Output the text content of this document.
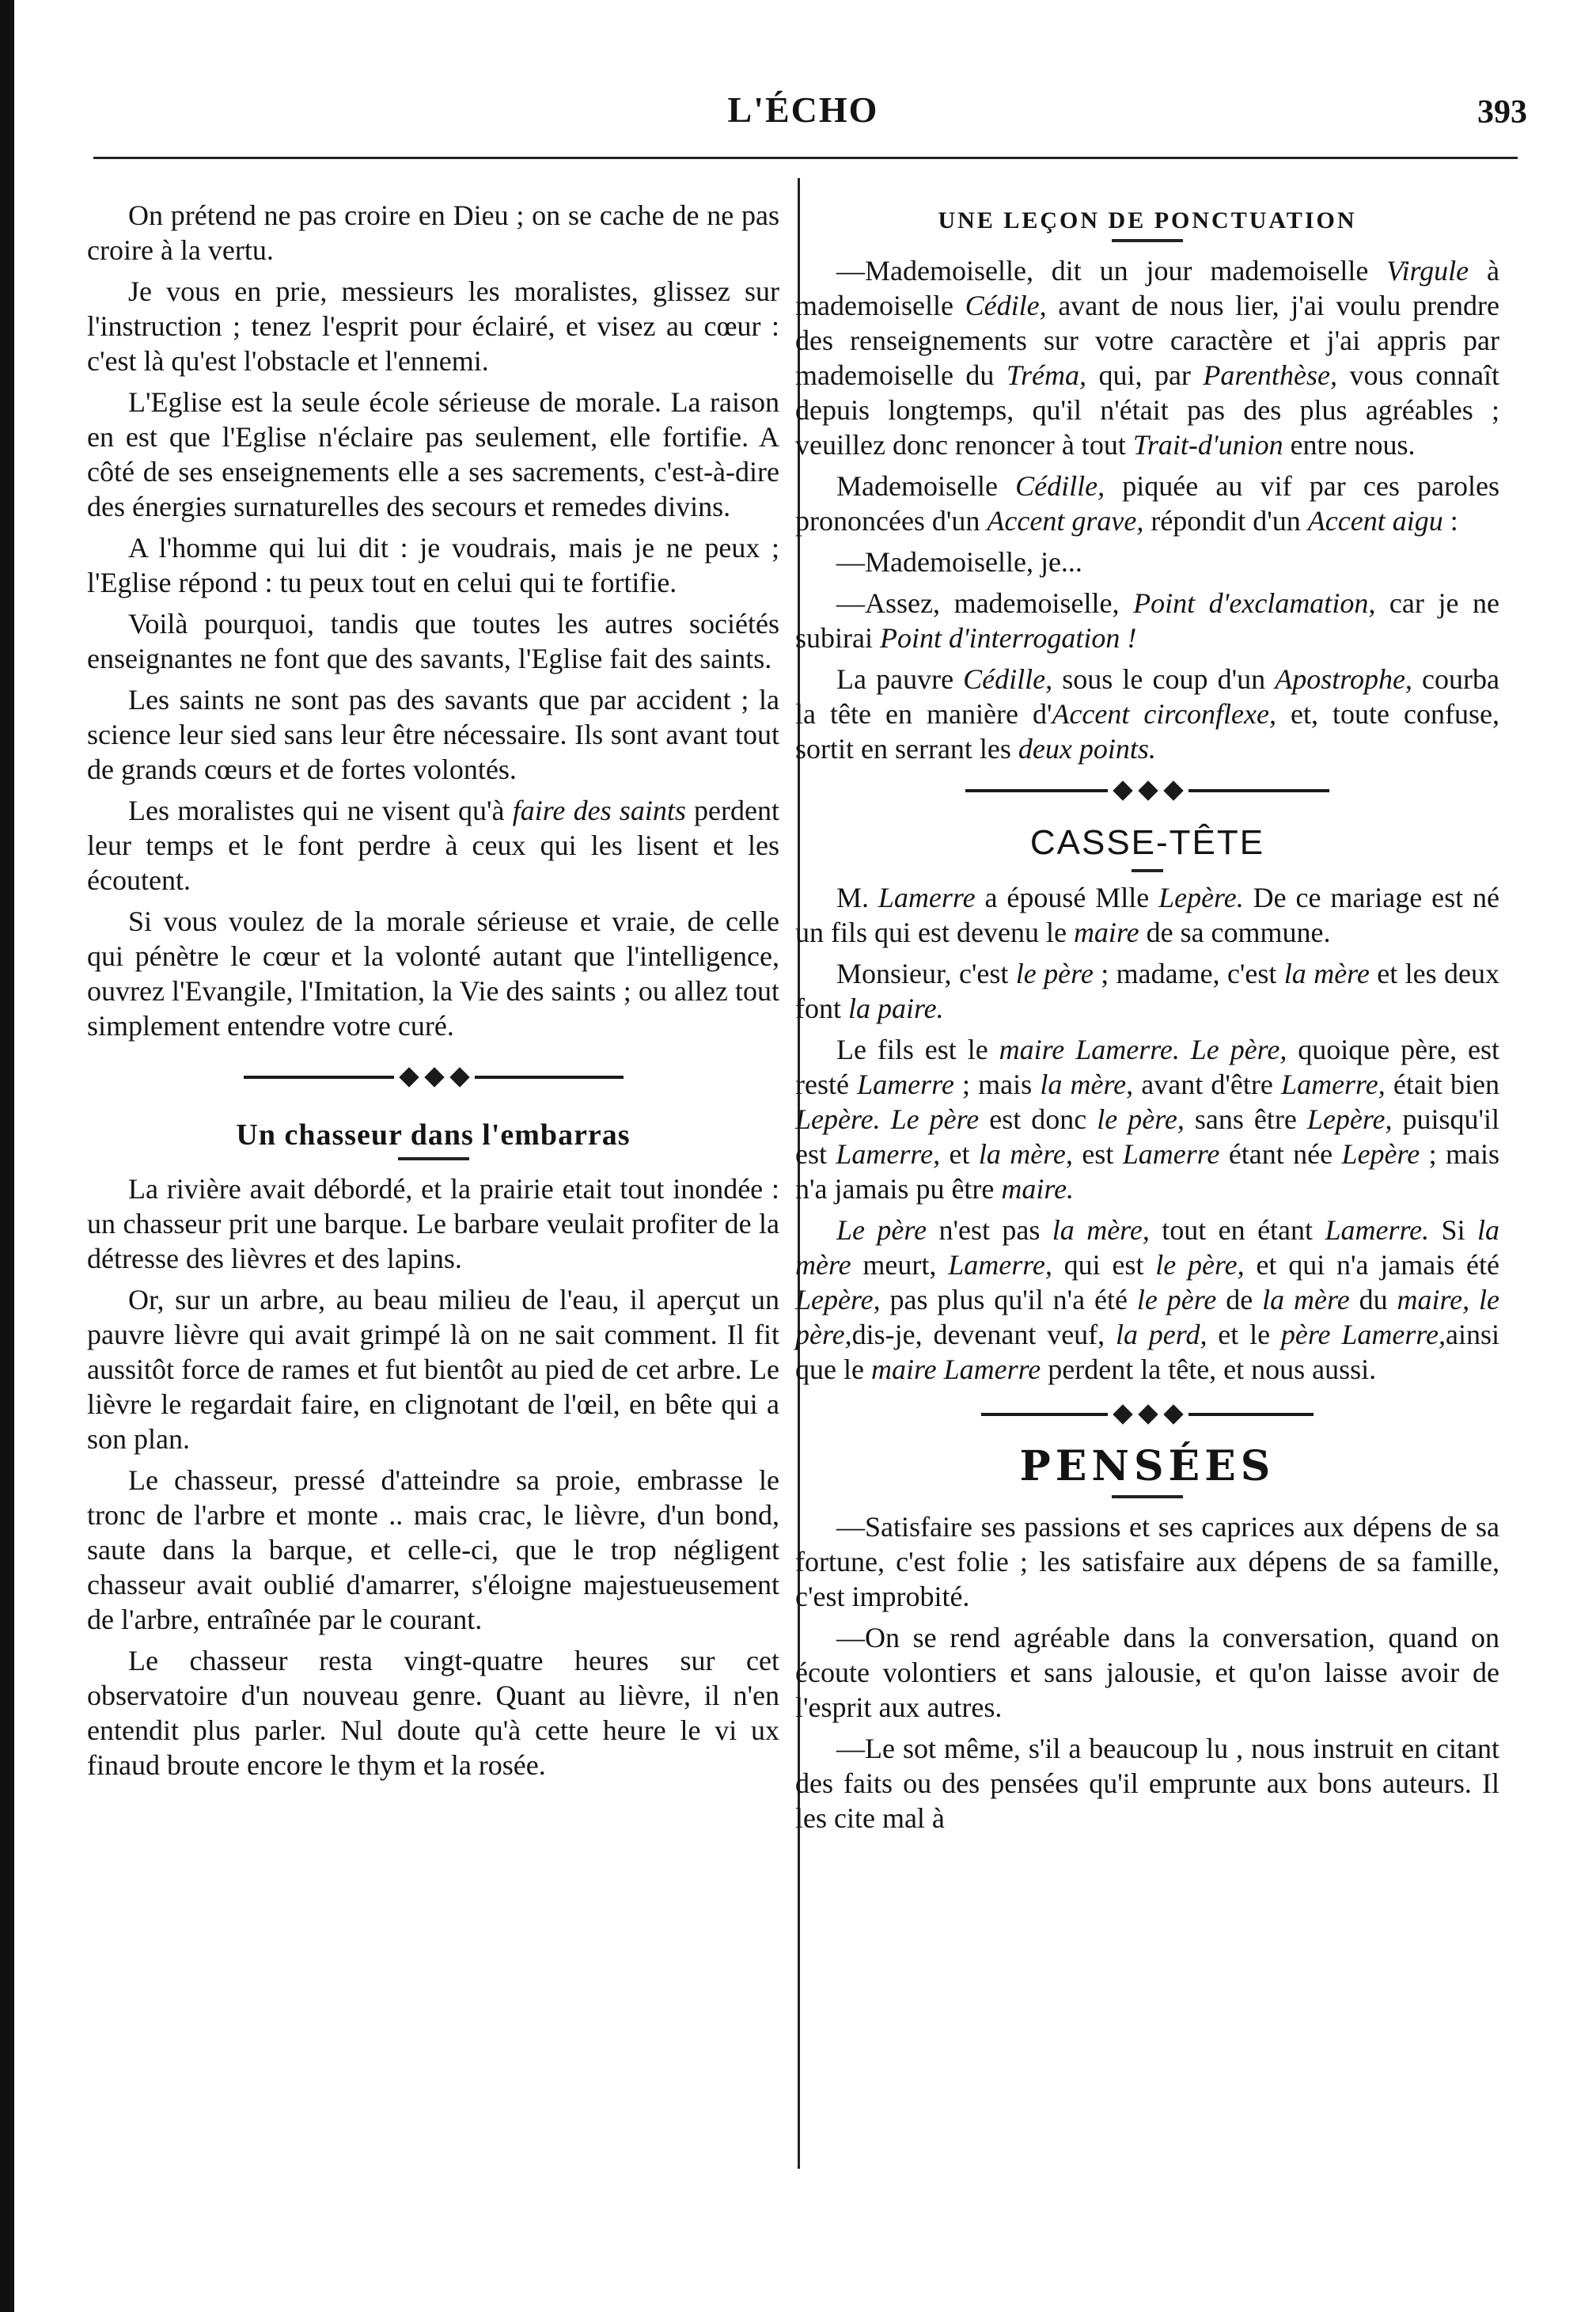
L'ÉCHO	393

On prétend ne pas croire en Dieu ; on se cache de ne pas croire à la vertu.

Je vous en prie, messieurs les moralistes, glissez sur l'instruction ; tenez l'esprit pour éclairé, et visez au cœur : c'est là qu'est l'obstacle et l'ennemi.

L'Eglise est la seule école sérieuse de morale. La raison en est que l'Eglise n'éclaire pas seulement, elle fortifie. A côté de ses enseignements elle a ses sacrements, c'est-à-dire des énergies surnaturelles des secours et remedes divins.

A l'homme qui lui dit : je voudrais, mais je ne peux ; l'Eglise répond : tu peux tout en celui qui te fortifie.

Voilà pourquoi, tandis que toutes les autres sociétés enseignantes ne font que des savants, l'Eglise fait des saints.

Les saints ne sont pas des savants que par accident ; la science leur sied sans leur être nécessaire. Ils sont avant tout de grands cœurs et de fortes volontés.

Les moralistes qui ne visent qu'à faire des saints perdent leur temps et le font perdre à ceux qui les lisent et les écoutent.

Si vous voulez de la morale sérieuse et vraie, de celle qui pénètre le cœur et la volonté autant que l'intelligence, ouvrez l'Evangile, l'Imitation, la Vie des saints ; ou allez tout simplement entendre votre curé.

Un chasseur dans l'embarras

La rivière avait débordé, et la prairie etait tout inondée : un chasseur prit une barque. Le barbare veulait profiter de la détresse des lièvres et des lapins.

Or, sur un arbre, au beau milieu de l'eau, il aperçut un pauvre lièvre qui avait grimpé là on ne sait comment. Il fit aussitôt force de rames et fut bientôt au pied de cet arbre. Le lièvre le regardait faire, en clignotant de l'œil, en bête qui a son plan.

Le chasseur, pressé d'atteindre sa proie, embrasse le tronc de l'arbre et monte .. mais crac, le lièvre, d'un bond, saute dans la barque, et celle-ci, que le trop négligent chasseur avait oublié d'amarrer, s'éloigne majestueusement de l'arbre, entraînée par le courant.

Le chasseur resta vingt-quatre heures sur cet observatoire d'un nouveau genre. Quant au lièvre, il n'en entendit plus parler. Nul doute qu'à cette heure le vi ux finaud broute encore le thym et la rosée.

UNE LEÇON DE PONCTUATION

—Mademoiselle, dit un jour mademoiselle Virgule à mademoiselle Cédile, avant de nous lier, j'ai voulu prendre des renseignements sur votre caractère et j'ai appris par mademoiselle du Tréma, qui, par Parenthèse, vous connaît depuis longtemps, qu'il n'était pas des plus agréables ; veuillez donc renoncer à tout Trait-d'union entre nous.

Mademoiselle Cédille, piquée au vif par ces paroles prononcées d'un Accent grave, répondit d'un Accent aigu :

—Mademoiselle, je...

—Assez, mademoiselle, Point d'exclamation, car je ne subirai Point d'interrogation !

La pauvre Cédille, sous le coup d'un Apostrophe, courba la tête en manière d'Accent circonflexe, et, toute confuse, sortit en serrant les deux points.

CASSE-TÊTE

M. Lamerre a épousé Mlle Lepère. De ce mariage est né un fils qui est devenu le maire de sa commune.

Monsieur, c'est le père ; madame, c'est la mère et les deux font la paire.

Le fils est le maire Lamerre. Le père, quoique père, est resté Lamerre ; mais la mère, avant d'être Lamerre, était bien Lepère. Le père est donc le père, sans être Lepère, puisqu'il est Lamerre, et la mère, est Lamerre étant née Lepère ; mais n'a jamais pu être maire.

Le père n'est pas la mère, tout en étant Lamerre. Si la mère meurt, Lamerre, qui est le père, et qui n'a jamais été Lepère, pas plus qu'il n'a été le père de la mère du maire, le père,dis-je, devenant veuf, la perd, et le père Lamerre,ainsi que le maire Lamerre perdent la tête, et nous aussi.

PENSÉES

—Satisfaire ses passions et ses caprices aux dépens de sa fortune, c'est folie ; les satisfaire aux dépens de sa famille, c'est improbité.

—On se rend agréable dans la conversation, quand on écoute volontiers et sans jalousie, et qu'on laisse avoir de l'esprit aux autres.

—Le sot même, s'il a beaucoup lu , nous instruit en citant des faits ou des pensées qu'il emprunte aux bons auteurs. Il les cite mal à
